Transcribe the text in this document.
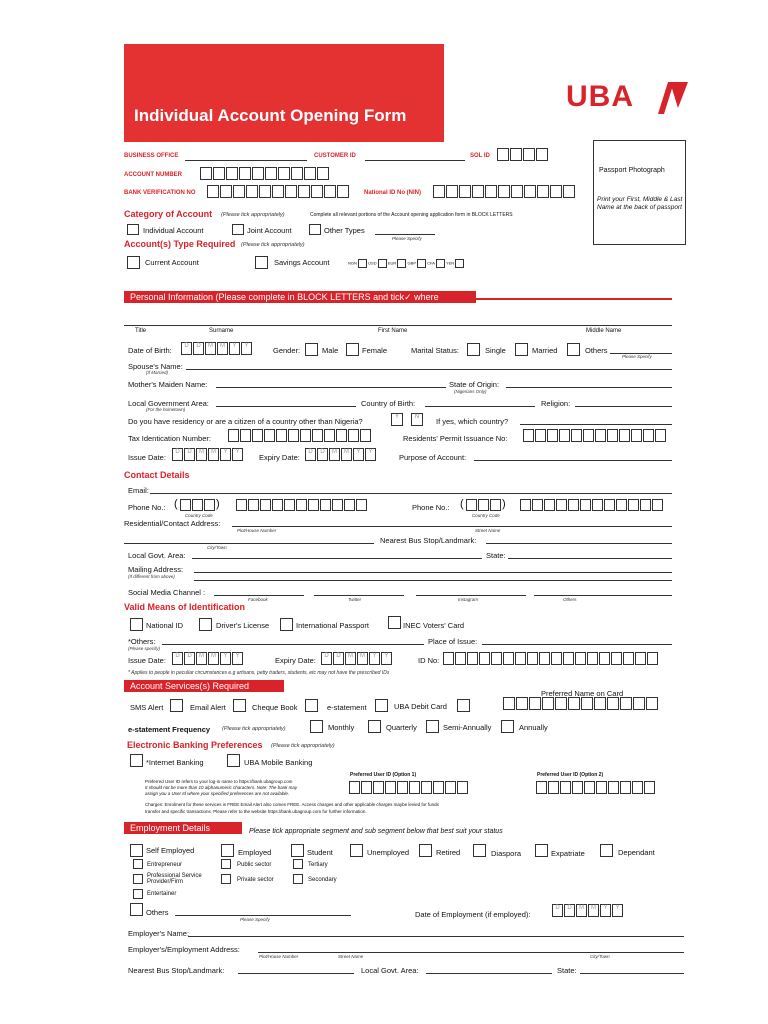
Individual Account Opening Form
UBA
BUSINESS OFFICE	CUSTOMER ID	SOL ID
ACCOUNT NUMBER
BANK VERIFICATION NO	National ID No (NIN)
Passport Photograph
Print your First, Middle & Last Name at the back of passport
Category of Account (Please tick appropriately)	Complete all relevant portions of the Account opening application form in BLOCK LETTERS
Individual Account	Joint Account	Other Types
Please Specify
Account(s) Type Required (Please tick appropriately)
Current Account	Savings Account	NGN	USD	EUR	GBP	CFA	YEN
Personal Information (Please complete in BLOCK LETTERS and tick✓ where necessary)
Title	Surname	First Name	Middle Name
Date of Birth:	D	D	M	M	Y	Y	Gender:	Male	Female	Marital Status:	Single	Married	Others
Please Specify
Spouse's Name:
(If Married)
Mother's Maiden Name:	State of Origin:
(Nigerians Only)
Local Government Area:
(For the hometown)
Country of Birth:	Religion:
Do you have residency or are a citizen of a country other than Nigeria?	Y	N	If yes, which country?
Tax Identication Number:	Residents' Permit Issuance No:
Issue Date:
D	D	M	M	Y	Y
Expiry Date:
D	D	M	M	Y	Y
Purpose of Account:
Contact Details
Email:
Phone No.: (	)
Country Code
Phone No.: (	)
Country Code
Residential/Contact Address:
Plot/House Number	Street Name
Nearest Bus Stop/Landmark:
City/Town
Local Govt. Area:	State:
Mailing Address:
(If different from above)
Social Media Channel :
Facebook	Twitter	Instagram	Others
Valid Means of Identification
National ID	Driver's License	International Passport	INEC Voters' Card
*Others:
(Please specify)
Place of Issue:
Issue Date:	D	D	M	M	Y	Y	Expiry Date:	D	D	M	M	Y	Y	ID No:
* Applies to people in peculiar circumstances e.g artisans, petty traders, students, etc may not have the prescribed IDs
Account Services(s) Required
Preferred Name on Card
SMS Alert	Email Alert	Cheque Book	e-statement	UBA Debit Card
e-statement Frequency (Please tick appropriately)	Monthly	Quarterly	Semi-Annually	Annually
Electronic Banking Preferences (Please tick appropriately)
*Internet Banking	UBA Mobile Banking
Preferred User ID (Option 1)	Preferred User ID (Option 2)
Preferred User ID refers to your log-in name to https://bank.ubagroup.com
It should not be more than 10 alphanumeric characters. Note: The bank may
assign you a User Id where your specified preferences are not available.
Charges: Enrolment for these services is FREE Email Alert also comes FREE. Access charges and other applicable charges maybe levied for funds
transfer and specific transactions. Please refer to the website https://bank.ubagroup.com for further information.
Employment Details	Please tick appropriate segment and sub segment below that best suit your status
Self Employed	Employed	Student	Unemployed	Retired	Diaspora	Expatriate	Dependant
Entrepreneur	Public sector	Tertiary
Professional Service Provider/Firm	Private sector	Secondary
Entertainer
Others
Please Specify
Date of Employment (if employed):
D	D	M	M	Y	Y
Employer's Name:
Employer's/Employment Address:
Plot/House Number	Street Name	City/Town
Nearest Bus Stop/Landmark:	Local Govt. Area:	State:
